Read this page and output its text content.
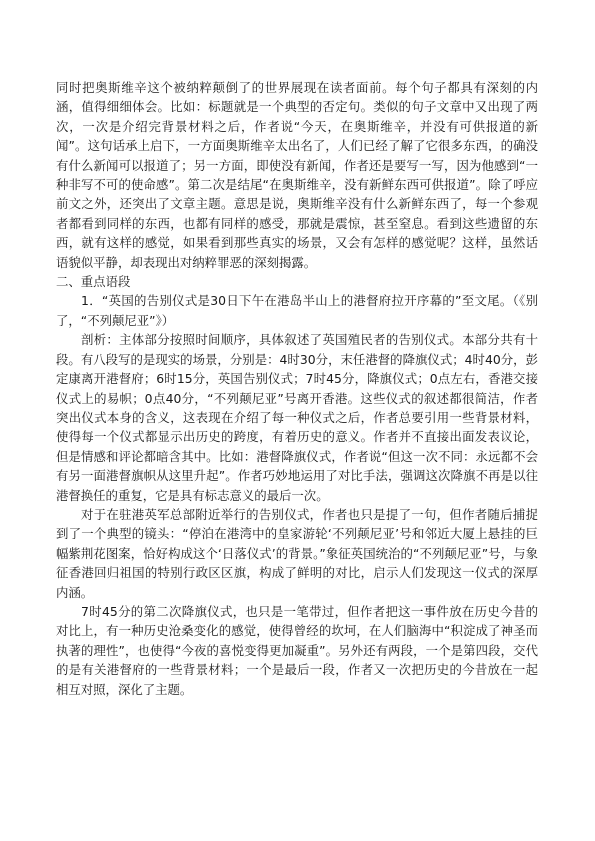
同时把奥斯维辛这个被纳粹颠倒了的世界展现在读者面前。每个句子都具有深刻的内涵，值得细细体会。比如：标题就是一个典型的否定句。类似的句子文章中又出现了两次，一次是介绍完背景材料之后，作者说“今天，在奥斯维辛，并没有可供报道的新闻”。这句话承上启下，一方面奥斯维辛太出名了，人们已经了解了它很多东西，的确没有什么新闻可以报道了；另一方面，即使没有新闻，作者还是要写一写，因为他感到“一种非写不可的使命感”。第二次是结尾“在奥斯维辛，没有新鲜东西可供报道”。除了呼应前文之外，还突出了文章主题。意思是说，奥斯维辛没有什么新鲜东西了，每一个参观者都看到同样的东西，也都有同样的感受，那就是震惊，甚至窒息。看到这些遗留的东西，就有这样的感觉，如果看到那些真实的场景，又会有怎样的感觉呢？这样，虽然话语貌似平静，却表现出对纳粹罪恶的深刻揭露。

二、重点语段

1．“英国的告别仪式是30日下午在港岛半山上的港督府拉开序幕的”至文尾。（《别了，“不列颠尼亚”》）

剖析：主体部分按照时间顺序，具体叙述了英国殖民者的告别仪式。本部分共有十段。有八段写的是现实的场景，分别是：4时30分，末任港督的降旗仪式；4时40分，彭定康离开港督府；6时15分，英国告别仪式；7时45分，降旗仪式；0点左右，香港交接仪式上的易帜；0点40分，“不列颠尼亚”号离开香港。这些仪式的叙述都很简洁，作者突出仪式本身的含义，这表现在介绍了每一种仪式之后，作者总要引用一些背景材料，使得每一个仪式都显示出历史的跨度，有着历史的意义。作者并不直接出面发表议论，但是情感和评论都暗含其中。比如：港督降旗仪式，作者说“但这一次不同：永远都不会有另一面港督旗帜从这里升起”。作者巧妙地运用了对比手法，强调这次降旗不再是以往港督换任的重复，它是具有标志意义的最后一次。

对于在驻港英军总部附近举行的告别仪式，作者也只是提了一句，但作者随后捕捉到了一个典型的镜头：“停泊在港湾中的皇家游轮‘不列颠尼亚’号和邻近大厦上悬挂的巨幅紫荆花图案，恰好构成这个‘日落仪式’的背景。”象征英国统治的“不列颠尼亚”号，与象征香港回归祖国的特别行政区区旗，构成了鲜明的对比，启示人们发现这一仪式的深厚内涵。

7时45分的第二次降旗仪式，也只是一笔带过，但作者把这一事件放在历史今昔的对比上，有一种历史沧桑变化的感觉，使得曾经的坎坷，在人们脑海中“积淀成了神圣而执著的理性”，也使得“今夜的喜悦变得更加凝重”。另外还有两段，一个是第四段，交代的是有关港督府的一些背景材料；一个是最后一段，作者又一次把历史的今昔放在一起相互对照，深化了主题。
